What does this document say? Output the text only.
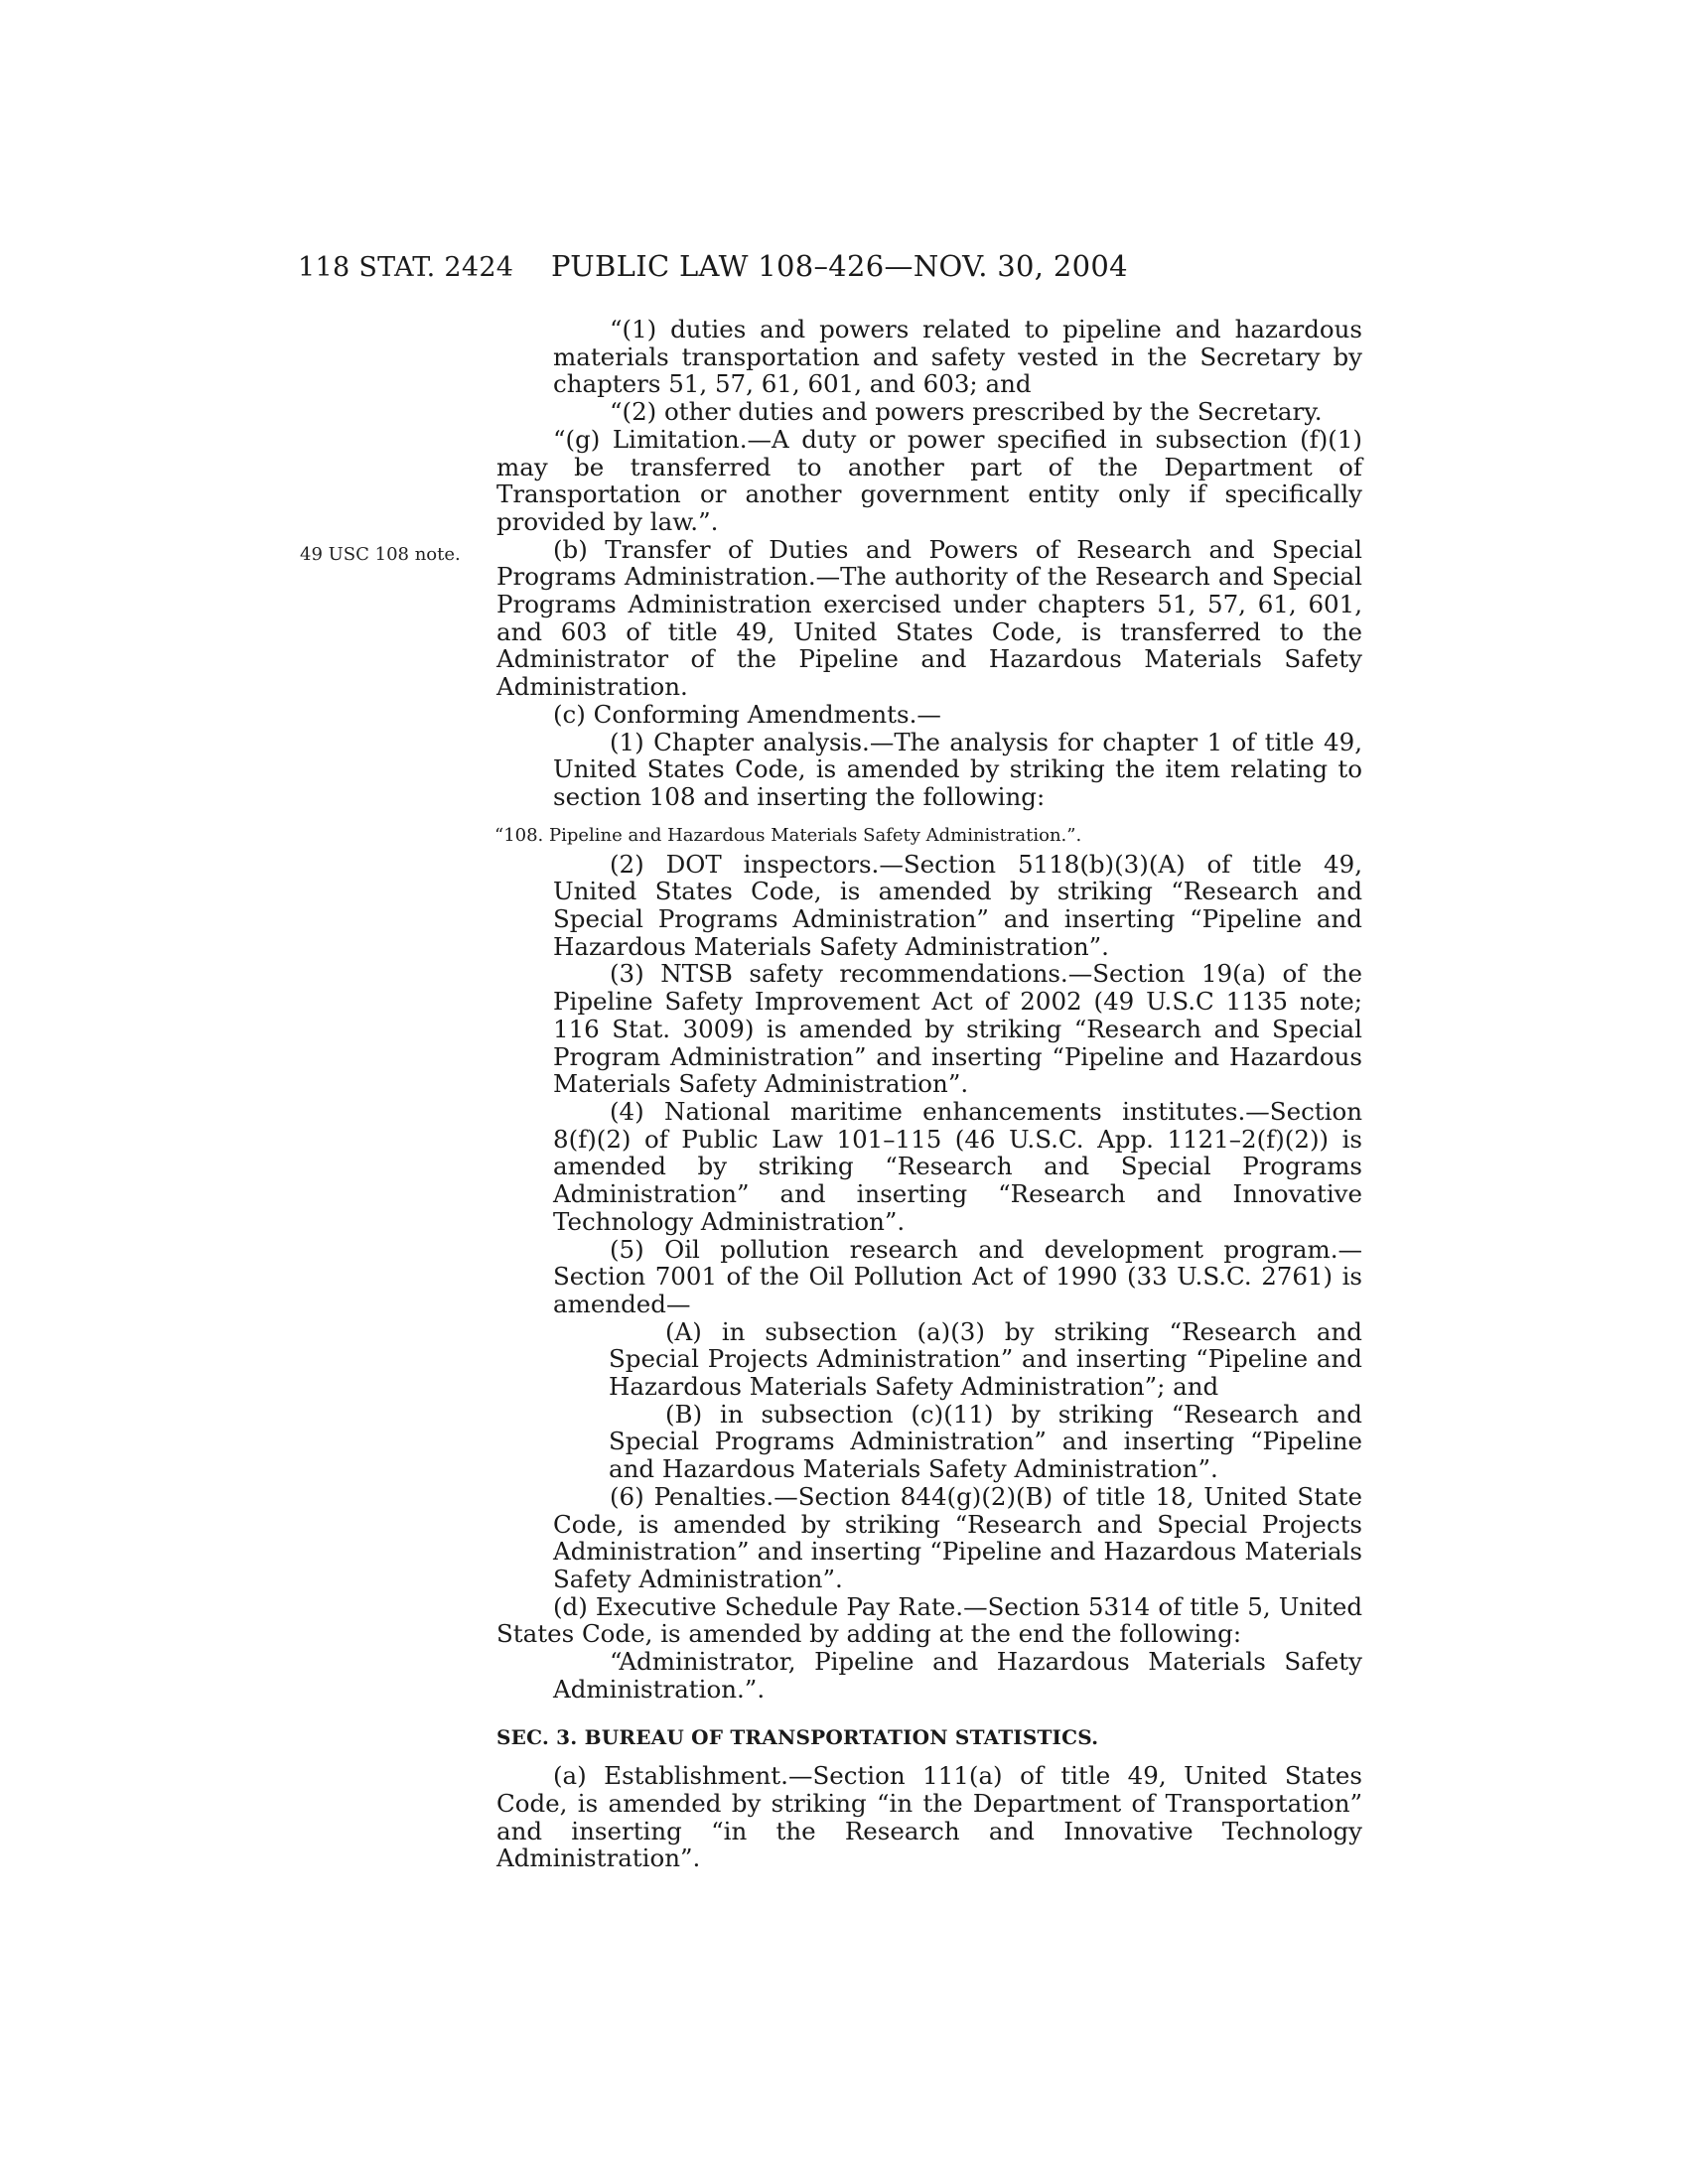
118 STAT. 2424 PUBLIC LAW 108–426—NOV. 30, 2004
49 USC 108 note.

“(1) duties and powers related to pipeline and hazardous materials transportation and safety vested in the Secretary by chapters 51, 57, 61, 601, and 603; and

“(2) other duties and powers prescribed by the Secretary.

“(g) Limitation.—A duty or power specified in subsection (f)(1) may be transferred to another part of the Department of Transportation or another government entity only if specifically provided by law.”.

(b) Transfer of Duties and Powers of Research and Special Programs Administration.—The authority of the Research and Special Programs Administration exercised under chapters 51, 57, 61, 601, and 603 of title 49, United States Code, is transferred to the Administrator of the Pipeline and Hazardous Materials Safety Administration.

(c) Conforming Amendments.—

(1) Chapter analysis.—The analysis for chapter 1 of title 49, United States Code, is amended by striking the item relating to section 108 and inserting the following:

“108. Pipeline and Hazardous Materials Safety Administration.”.

(2) DOT inspectors.—Section 5118(b)(3)(A) of title 49, United States Code, is amended by striking “Research and Special Programs Administration” and inserting “Pipeline and Hazardous Materials Safety Administration”.

(3) NTSB safety recommendations.—Section 19(a) of the Pipeline Safety Improvement Act of 2002 (49 U.S.C 1135 note; 116 Stat. 3009) is amended by striking “Research and Special Program Administration” and inserting “Pipeline and Hazardous Materials Safety Administration”.

(4) National maritime enhancements institutes.—Section 8(f)(2) of Public Law 101–115 (46 U.S.C. App. 1121–2(f)(2)) is amended by striking “Research and Special Programs Administration” and inserting “Research and Innovative Technology Administration”.

(5) Oil pollution research and development program.—Section 7001 of the Oil Pollution Act of 1990 (33 U.S.C. 2761) is amended—

(A) in subsection (a)(3) by striking “Research and Special Projects Administration” and inserting “Pipeline and Hazardous Materials Safety Administration”; and

(B) in subsection (c)(11) by striking “Research and Special Programs Administration” and inserting “Pipeline and Hazardous Materials Safety Administration”.

(6) Penalties.—Section 844(g)(2)(B) of title 18, United State Code, is amended by striking “Research and Special Projects Administration” and inserting “Pipeline and Hazardous Materials Safety Administration”.

(d) Executive Schedule Pay Rate.—Section 5314 of title 5, United States Code, is amended by adding at the end the following:

“Administrator, Pipeline and Hazardous Materials Safety Administration.”.

SEC. 3. BUREAU OF TRANSPORTATION STATISTICS.

(a) Establishment.—Section 111(a) of title 49, United States Code, is amended by striking “in the Department of Transportation” and inserting “in the Research and Innovative Technology Administration”.
